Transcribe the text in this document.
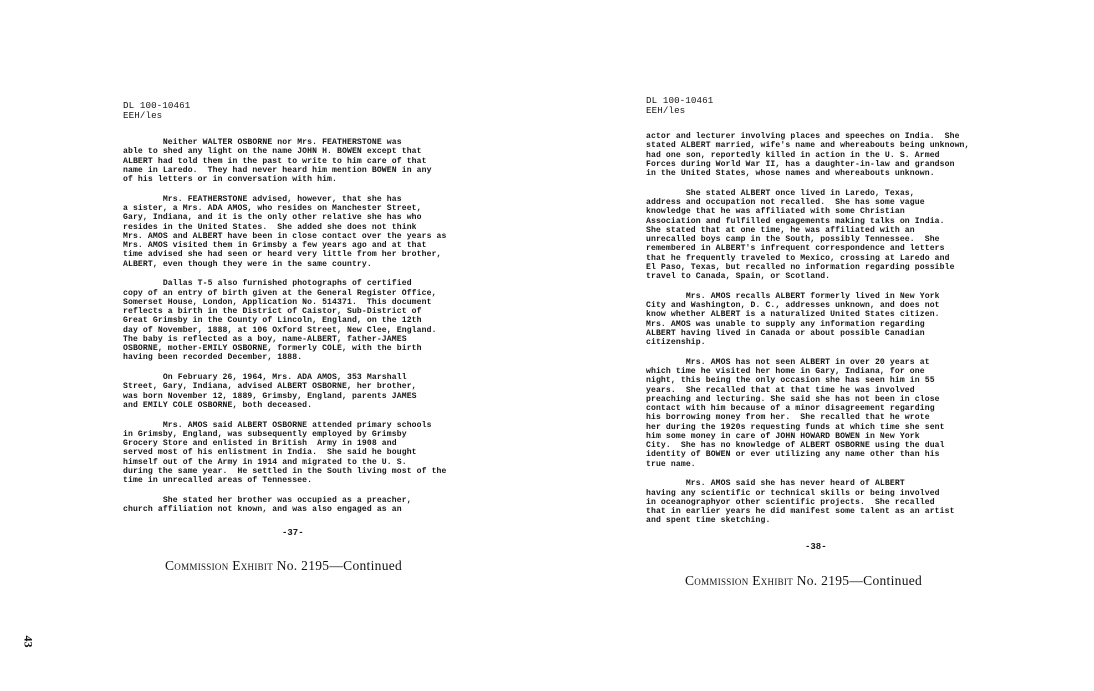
DL 100-10461
EEH/les
Neither WALTER OSBORNE nor Mrs. FEATHERSTONE was
able to shed any light on the name JOHN H. BOWEN except that
ALBERT had told them in the past to write to him care of that
name in Laredo.  They had never heard him mention BOWEN in any
of his letters or in conversation with him.
Mrs. FEATHERSTONE advised, however, that she has
a sister, a Mrs. ADA AMOS, who resides on Manchester Street,
Gary, Indiana, and it is the only other relative she has who
resides in the United States.  She added she does not think
Mrs. AMOS and ALBERT have been in close contact over the years as
Mrs. AMOS visited them in Grimsby a few years ago and at that
time advised she had seen or heard very little from her brother,
ALBERT, even though they were in the same country.
Dallas T-5 also furnished photographs of certified
copy of an entry of birth given at the General Register Office,
Somerset House, London, Application No. 514371.  This document
reflects a birth in the District of Caistor, Sub-District of
Great Grimsby in the County of Lincoln, England, on the 12th
day of November, 1888, at 106 Oxford Street, New Clee, England.
The baby is reflected as a boy, name-ALBERT, father-JAMES
OSBORNE, mother-EMILY OSBORNE, formerly COLE, with the birth
having been recorded December, 1888.
On February 26, 1964, Mrs. ADA AMOS, 353 Marshall
Street, Gary, Indiana, advised ALBERT OSBORNE, her brother,
was born November 12, 1889, Grimsby, England, parents JAMES
and EMILY COLE OSBORNE, both deceased.
Mrs. AMOS said ALBERT OSBORNE attended primary schools
in Grimsby, England, was subsequently employed by Grimsby
Grocery Store and enlisted in British  Army in 1908 and
served most of his enlistment in India.  She said he bought
himself out of the Army in 1914 and migrated to the U. S.
during the same year.  He settled in the South living most of the
time in unrecalled areas of Tennessee.
She stated her brother was occupied as a preacher,
church affiliation not known, and was also engaged as an
-37-
Commission Exhibit No. 2195—Continued
DL 100-10461
EEH/les
actor and lecturer involving places and speeches on India.  She
stated ALBERT married, wife's name and whereabouts being unknown,
had one son, reportedly killed in action in the U. S. Armed
Forces during World War II, has a daughter-in-law and grandson
in the United States, whose names and whereabouts unknown.
She stated ALBERT once lived in Laredo, Texas,
address and occupation not recalled.  She has some vague
knowledge that he was affiliated with some Christian
Association and fulfilled engagements making talks on India.
She stated that at one time, he was affiliated with an
unrecalled boys camp in the South, possibly Tennessee.  She
remembered in ALBERT's infrequent correspondence and letters
that he frequently traveled to Mexico, crossing at Laredo and
El Paso, Texas, but recalled no information regarding possible
travel to Canada, Spain, or Scotland.
Mrs. AMOS recalls ALBERT formerly lived in New York
City and Washington, D. C., addresses unknown, and does not
know whether ALBERT is a naturalized United States citizen.
Mrs. AMOS was unable to supply any information regarding
ALBERT having lived in Canada or about possible Canadian
citizenship.
Mrs. AMOS has not seen ALBERT in over 20 years at
which time he visited her home in Gary, Indiana, for one
night, this being the only occasion she has seen him in 55
years.  She recalled that at that time he was involved
preaching and lecturing. She said she has not been in close
contact with him because of a minor disagreement regarding
his borrowing money from her.  She recalled that he wrote
her during the 1920s requesting funds at which time she sent
him some money in care of JOHN HOWARD BOWEN in New York
City.  She has no knowledge of ALBERT OSBORNE using the dual
identity of BOWEN or ever utilizing any name other than his
true name.
Mrs. AMOS said she has never heard of ALBERT
having any scientific or technical skills or being involved
in oceanographyor other scientific projects.  She recalled
that in earlier years he did manifest some talent as an artist
and spent time sketching.
-38-
Commission Exhibit No. 2195—Continued
43
